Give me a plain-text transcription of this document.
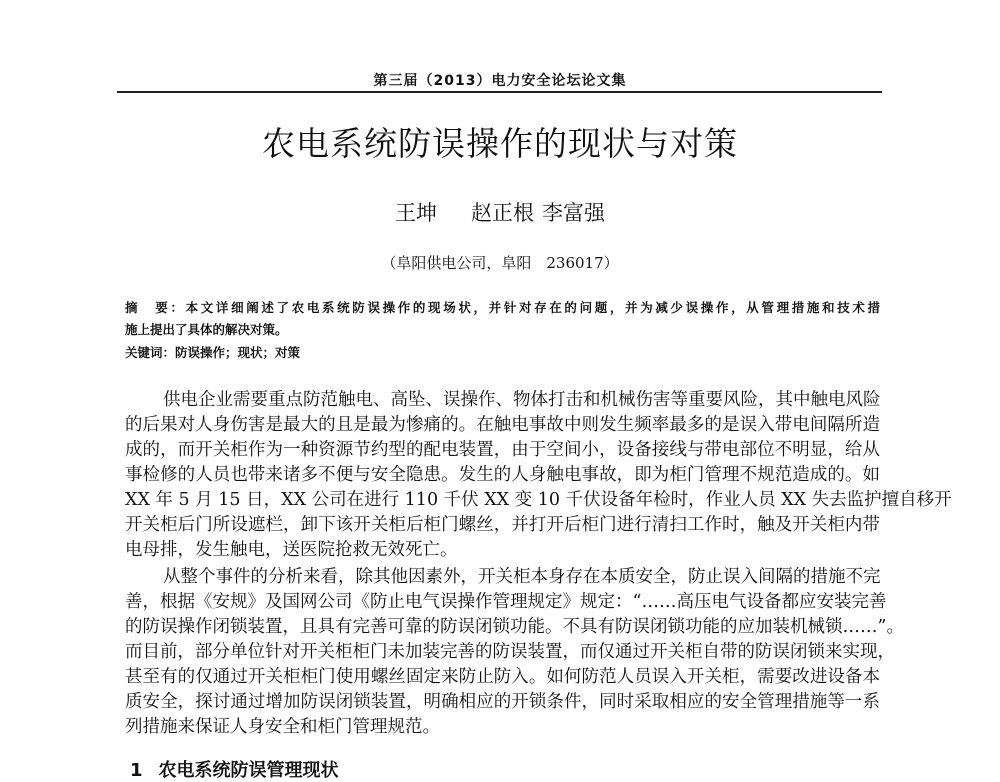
第三届（2013）电力安全论坛论文集
农电系统防误操作的现状与对策
王坤 赵正根 李富强
（阜阳供电公司，阜阳　236017）
摘　要：本文详细阐述了农电系统防误操作的现场状，并针对存在的问题，并为减少误操作，从管理措施和技术措
施上提出了具体的解决对策。
关键词：防误操作；现状；对策
供电企业需要重点防范触电、高坠、误操作、物体打击和机械伤害等重要风险，其中触电风险
的后果对人身伤害是最大的且是最为惨痛的。在触电事故中则发生频率最多的是误入带电间隔所造
成的，而开关柜作为一种资源节约型的配电装置，由于空间小，设备接线与带电部位不明显，给从
事检修的人员也带来诸多不便与安全隐患。发生的人身触电事故，即为柜门管理不规范造成的。如
XX 年 5 月 15 日，XX 公司在进行 110 千伏 XX 变 10 千伏设备年检时，作业人员 XX 失去监护擅自移开
开关柜后门所设遮栏，卸下该开关柜后柜门螺丝，并打开后柜门进行清扫工作时，触及开关柜内带
电母排，发生触电，送医院抢救无效死亡。
从整个事件的分析来看，除其他因素外，开关柜本身存在本质安全，防止误入间隔的措施不完
善，根据《安规》及国网公司《防止电气误操作管理规定》规定：“……高压电气设备都应安装完善
的防误操作闭锁装置，且具有完善可靠的防误闭锁功能。不具有防误闭锁功能的应加装机械锁……”。
而目前，部分单位针对开关柜柜门未加装完善的防误装置，而仅通过开关柜自带的防误闭锁来实现，
甚至有的仅通过开关柜柜门使用螺丝固定来防止防入。如何防范人员误入开关柜，需要改进设备本
质安全，探讨通过增加防误闭锁装置，明确相应的开锁条件，同时采取相应的安全管理措施等一系
列措施来保证人身安全和柜门管理规范。
1 农电系统防误管理现状
